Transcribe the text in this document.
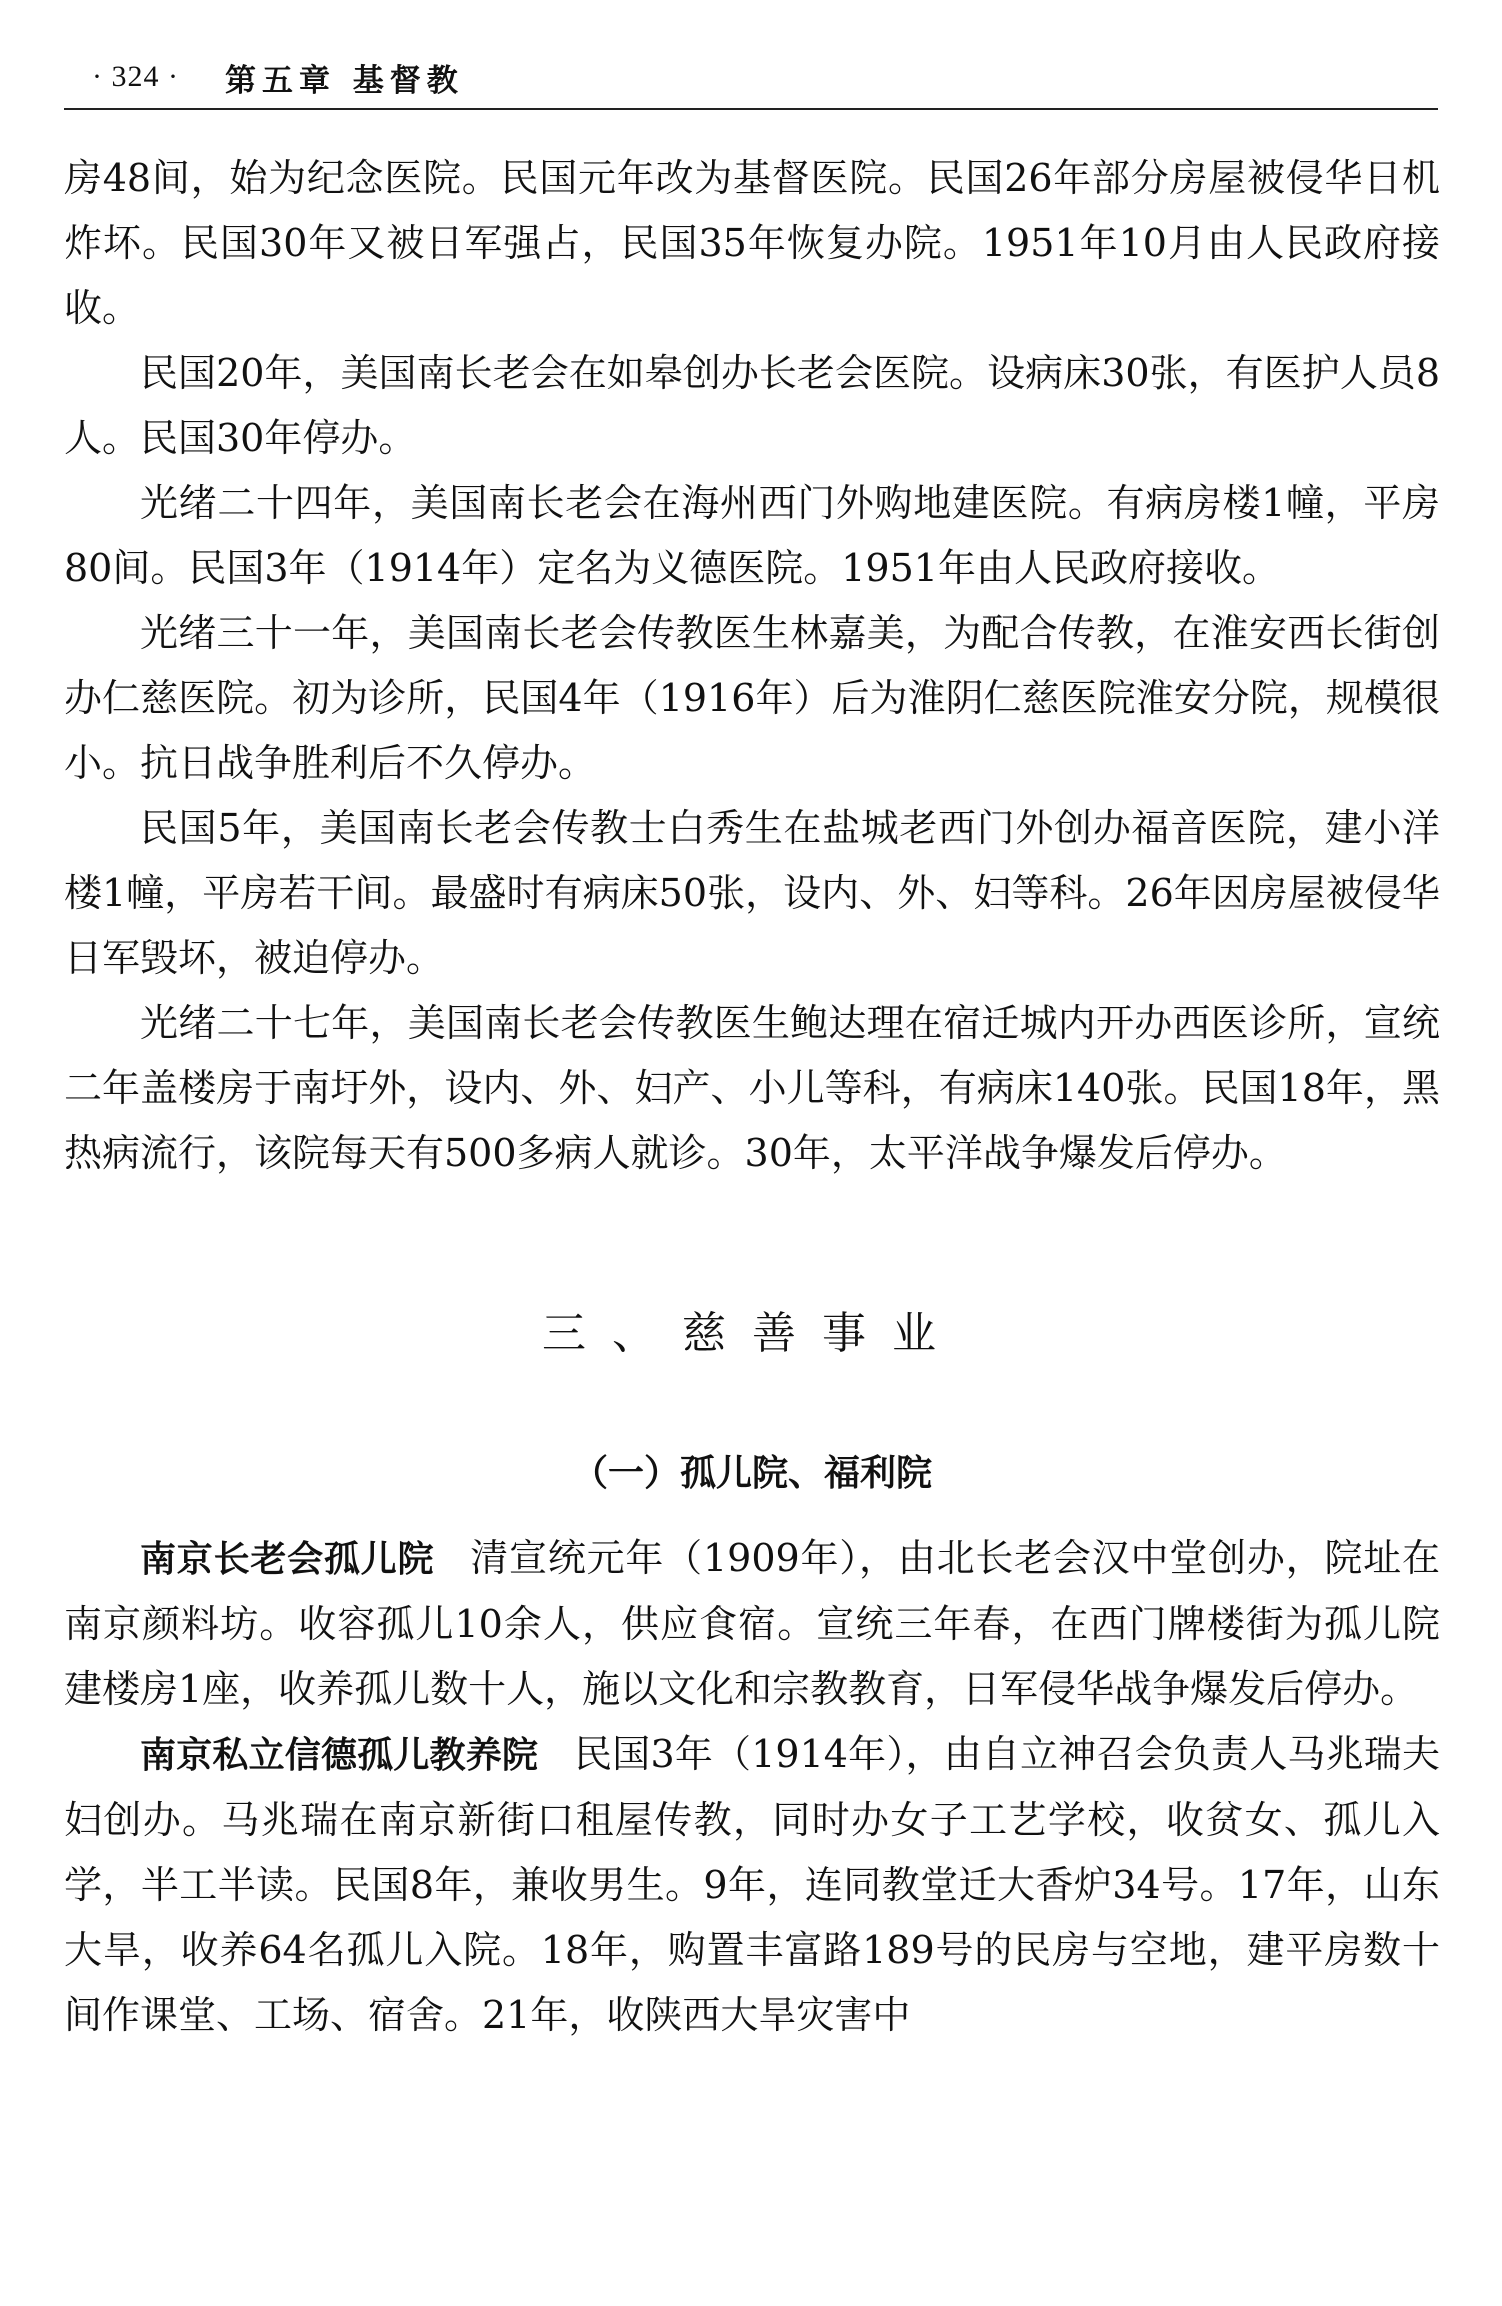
· 324 · 第五章 基督教

房48间，始为纪念医院。民国元年改为基督医院。民国26年部分房屋被侵华日机炸坏。民国30年又被日军强占，民国35年恢复办院。1951年10月由人民政府接收。

民国20年，美国南长老会在如皋创办长老会医院。设病床30张，有医护人员8人。民国30年停办。

光绪二十四年，美国南长老会在海州西门外购地建医院。有病房楼1幢，平房80间。民国3年（1914年）定名为义德医院。1951年由人民政府接收。

光绪三十一年，美国南长老会传教医生林嘉美，为配合传教，在淮安西长街创办仁慈医院。初为诊所，民国4年（1916年）后为淮阴仁慈医院淮安分院，规模很小。抗日战争胜利后不久停办。

民国5年，美国南长老会传教士白秀生在盐城老西门外创办福音医院，建小洋楼1幢，平房若干间。最盛时有病床50张，设内、外、妇等科。26年因房屋被侵华日军毁坏，被迫停办。

光绪二十七年，美国南长老会传教医生鲍达理在宿迁城内开办西医诊所，宣统二年盖楼房于南圩外，设内、外、妇产、小儿等科，有病床140张。民国18年，黑热病流行，该院每天有500多病人就诊。30年，太平洋战争爆发后停办。

三、慈善事业
（一）孤儿院、福利院

南京长老会孤儿院 清宣统元年（1909年），由北长老会汉中堂创办，院址在南京颜料坊。收容孤儿10余人，供应食宿。宣统三年春，在西门牌楼街为孤儿院建楼房1座，收养孤儿数十人，施以文化和宗教教育，日军侵华战争爆发后停办。

南京私立信德孤儿教养院 民国3年（1914年），由自立神召会负责人马兆瑞夫妇创办。马兆瑞在南京新街口租屋传教，同时办女子工艺学校，收贫女、孤儿入学，半工半读。民国8年，兼收男生。9年，连同教堂迁大香炉34号。17年，山东大旱，收养64名孤儿入院。18年，购置丰富路189号的民房与空地，建平房数十间作课堂、工场、宿舍。21年，收陕西大旱灾害中
